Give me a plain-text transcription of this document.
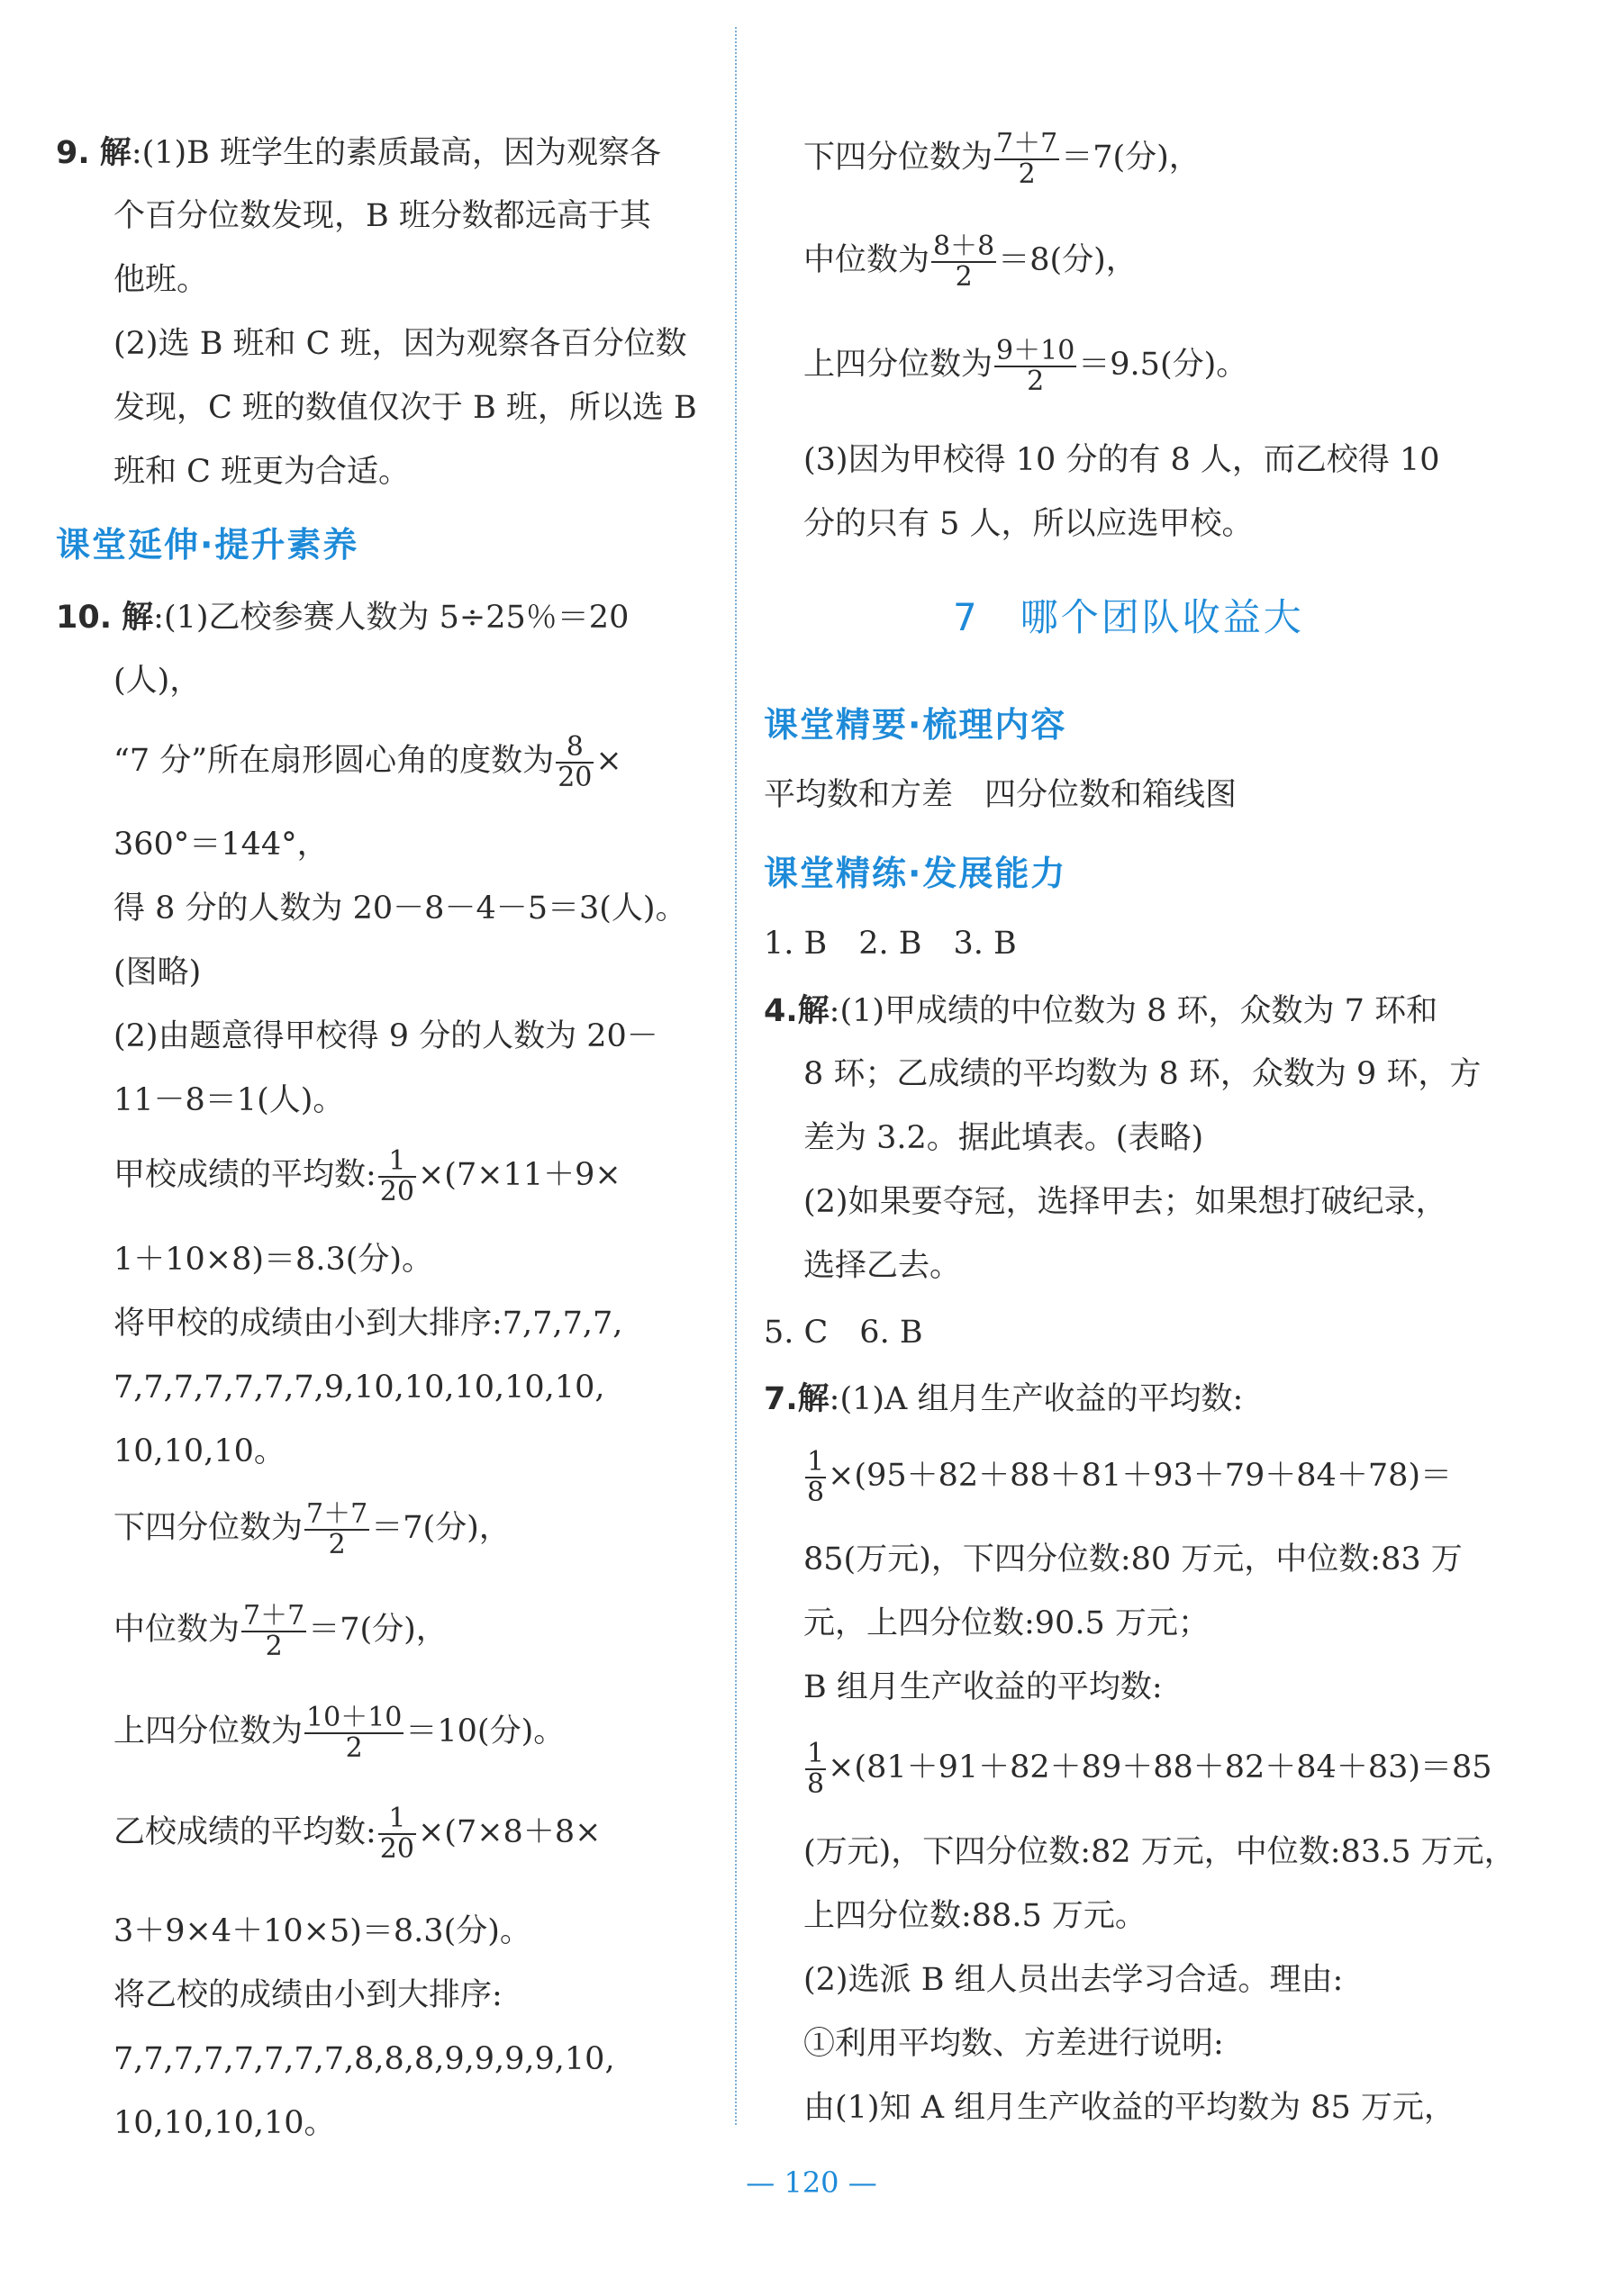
9. 解:(1)B 班学生的素质最高，因为观察各
个百分位数发现，B 班分数都远高于其
他班。
(2)选 B 班和 C 班，因为观察各百分位数
发现，C 班的数值仅次于 B 班，所以选 B
班和 C 班更为合适。
课堂延伸·提升素养
10. 解:(1)乙校参赛人数为 5÷25％＝20
(人)，
“7 分”所在扇形圆心角的度数为 $\frac{8}{20}$ ×
360°＝144°，
得 8 分的人数为 20－8－4－5＝3(人)。
(图略)
(2)由题意得甲校得 9 分的人数为 20－
11－8＝1(人)。
甲校成绩的平均数: $\frac{1}{20} \times(7\times 11+9\times$
1＋10×8)＝8.3(分)。
将甲校的成绩由小到大排序:7,7,7,7,
7,7,7,7,7,7,7,9,10,10,10,10,10,
10,10,10。
下四分位数为 $\frac{7+7}{2} =7$(分)，
中位数为 $\frac{7+7}{2} =7$(分)，
上四分位数为 $\frac{10+10}{2} =10$(分)。
乙校成绩的平均数: $\frac{1}{20} \times(7\times 8+8\times$
3＋9×4＋10×5)＝8.3(分)。
将乙校的成绩由小到大排序:
7,7,7,7,7,7,7,7,8,8,8,9,9,9,9,10,
10,10,10,10。
下四分位数为 $\frac{7+7}{2} =7$(分)，
中位数为 $\frac{8+8}{2} =8$(分)，
上四分位数为 $\frac{9+10}{2} =9.5$(分)。
(3)因为甲校得 10 分的有 8 人，而乙校得 10
分的只有 5 人，所以应选甲校。
7　哪个团队收益大
课堂精要·梳理内容
平均数和方差　四分位数和箱线图
课堂精练·发展能力
1. B　2. B　3. B
4.解:(1)甲成绩的中位数为 8 环，众数为 7 环和
8 环；乙成绩的平均数为 8 环，众数为 9 环，方
差为 3.2。据此填表。(表略)
(2)如果要夺冠，选择甲去；如果想打破纪录，
选择乙去。
5. C　6. B
7.解:(1)A 组月生产收益的平均数:
$\frac{1}{8} \times(95+82+88+81+93+79+84+78)=$
85(万元)，下四分位数:80 万元，中位数:83 万
元，上四分位数:90.5 万元；
B 组月生产收益的平均数:
$\frac{1}{8} \times(81+91+82+89+88+82+84+83)=85$
(万元)，下四分位数:82 万元，中位数:83.5 万元，
上四分位数:88.5 万元。
(2)选派 B 组人员出去学习合适。理由:
①利用平均数、方差进行说明:
由(1)知 A 组月生产收益的平均数为 85 万元，
— 120 —
